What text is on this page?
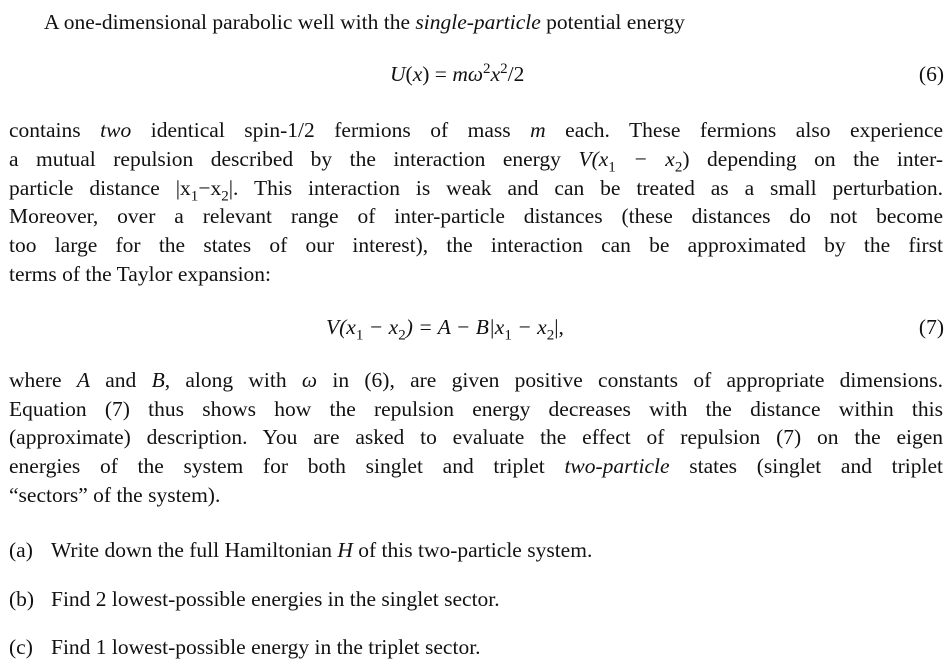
A one-dimensional parabolic well with the single-particle potential energy
$U(x) = m\omega^2x^2/2$	(6)
contains two identical spin-1/2 fermions of mass m each. These fermions also experience
a mutual repulsion described by the interaction energy $V(x_1 - x_2)$ depending on the inter-
particle distance $|x_1-x_2|$. This interaction is weak and can be treated as a small perturbation.
Moreover, over a relevant range of inter-particle distances (these distances do not become
too large for the states of our interest), the interaction can be approximated by the first
terms of the Taylor expansion:
$V(x_1 - x_2) = A - B|x_1 - x_2|$,	(7)
where A and B, along with ω in (6), are given positive constants of appropriate dimensions.
Equation (7) thus shows how the repulsion energy decreases with the distance within this
(approximate) description. You are asked to evaluate the effect of repulsion (7) on the eigen
energies of the system for both singlet and triplet two-particle states (singlet and triplet
“sectors” of the system).
(a) Write down the full Hamiltonian H of this two-particle system.
(b) Find 2 lowest-possible energies in the singlet sector.
(c) Find 1 lowest-possible energy in the triplet sector.
